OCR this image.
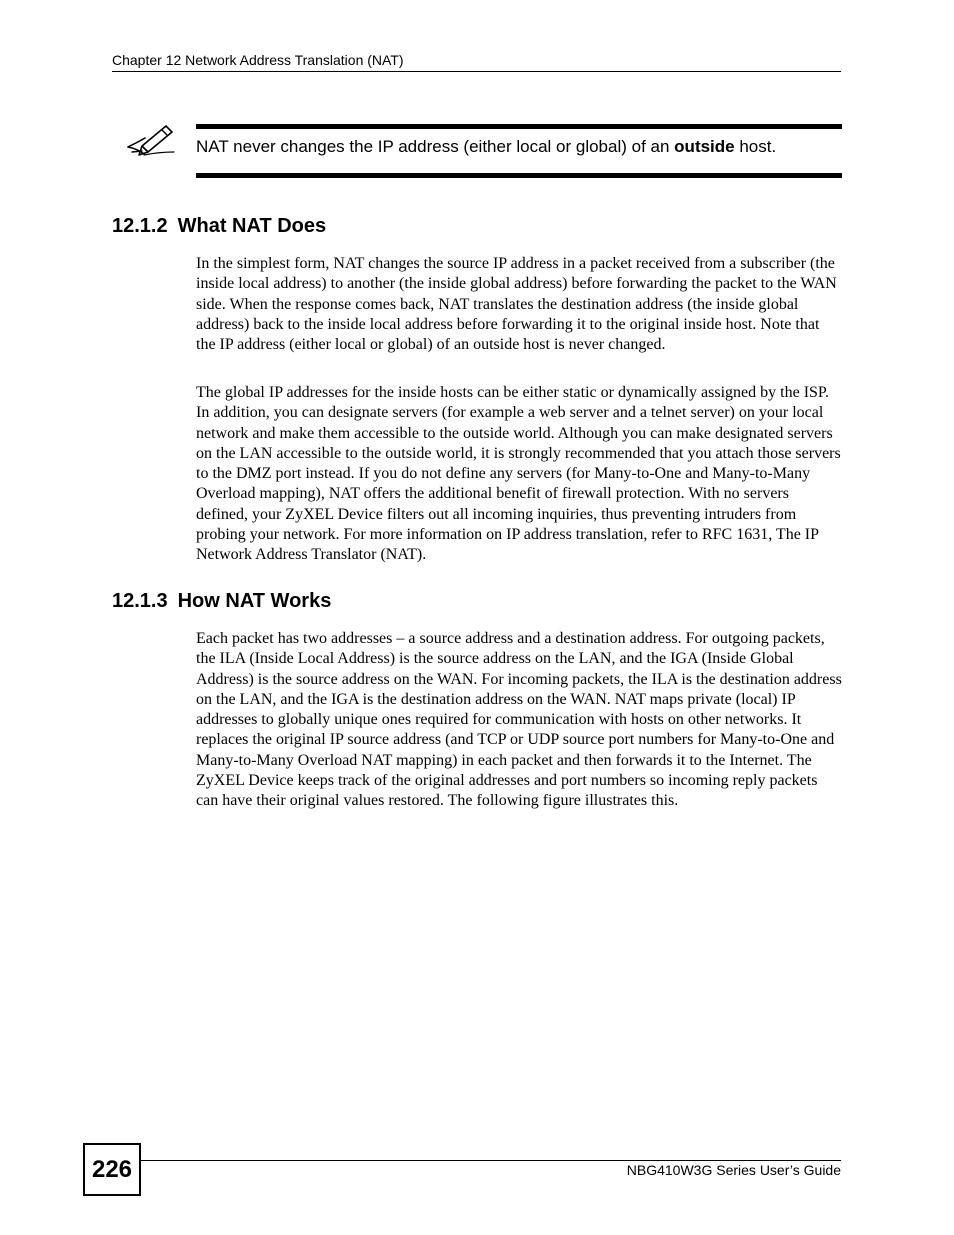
Chapter 12 Network Address Translation (NAT)
NAT never changes the IP address (either local or global) of an outside host.
12.1.2 What NAT Does

In the simplest form, NAT changes the source IP address in a packet received from a subscriber (the inside local address) to another (the inside global address) before forwarding the packet to the WAN side. When the response comes back, NAT translates the destination address (the inside global address) back to the inside local address before forwarding it to the original inside host. Note that the IP address (either local or global) of an outside host is never changed.

The global IP addresses for the inside hosts can be either static or dynamically assigned by the ISP. In addition, you can designate servers (for example a web server and a telnet server) on your local network and make them accessible to the outside world. Although you can make designated servers on the LAN accessible to the outside world, it is strongly recommended that you attach those servers to the DMZ port instead. If you do not define any servers (for Many-to-One and Many-to-Many Overload mapping), NAT offers the additional benefit of firewall protection. With no servers defined, your ZyXEL Device filters out all incoming inquiries, thus preventing intruders from probing your network. For more information on IP address translation, refer to RFC 1631, The IP Network Address Translator (NAT).

12.1.3 How NAT Works

Each packet has two addresses – a source address and a destination address. For outgoing packets, the ILA (Inside Local Address) is the source address on the LAN, and the IGA (Inside Global Address) is the source address on the WAN. For incoming packets, the ILA is the destination address on the LAN, and the IGA is the destination address on the WAN. NAT maps private (local) IP addresses to globally unique ones required for communication with hosts on other networks. It replaces the original IP source address (and TCP or UDP source port numbers for Many-to-One and Many-to-Many Overload NAT mapping) in each packet and then forwards it to the Internet. The ZyXEL Device keeps track of the original addresses and port numbers so incoming reply packets can have their original values restored. The following figure illustrates this.

226	NBG410W3G Series User’s Guide
